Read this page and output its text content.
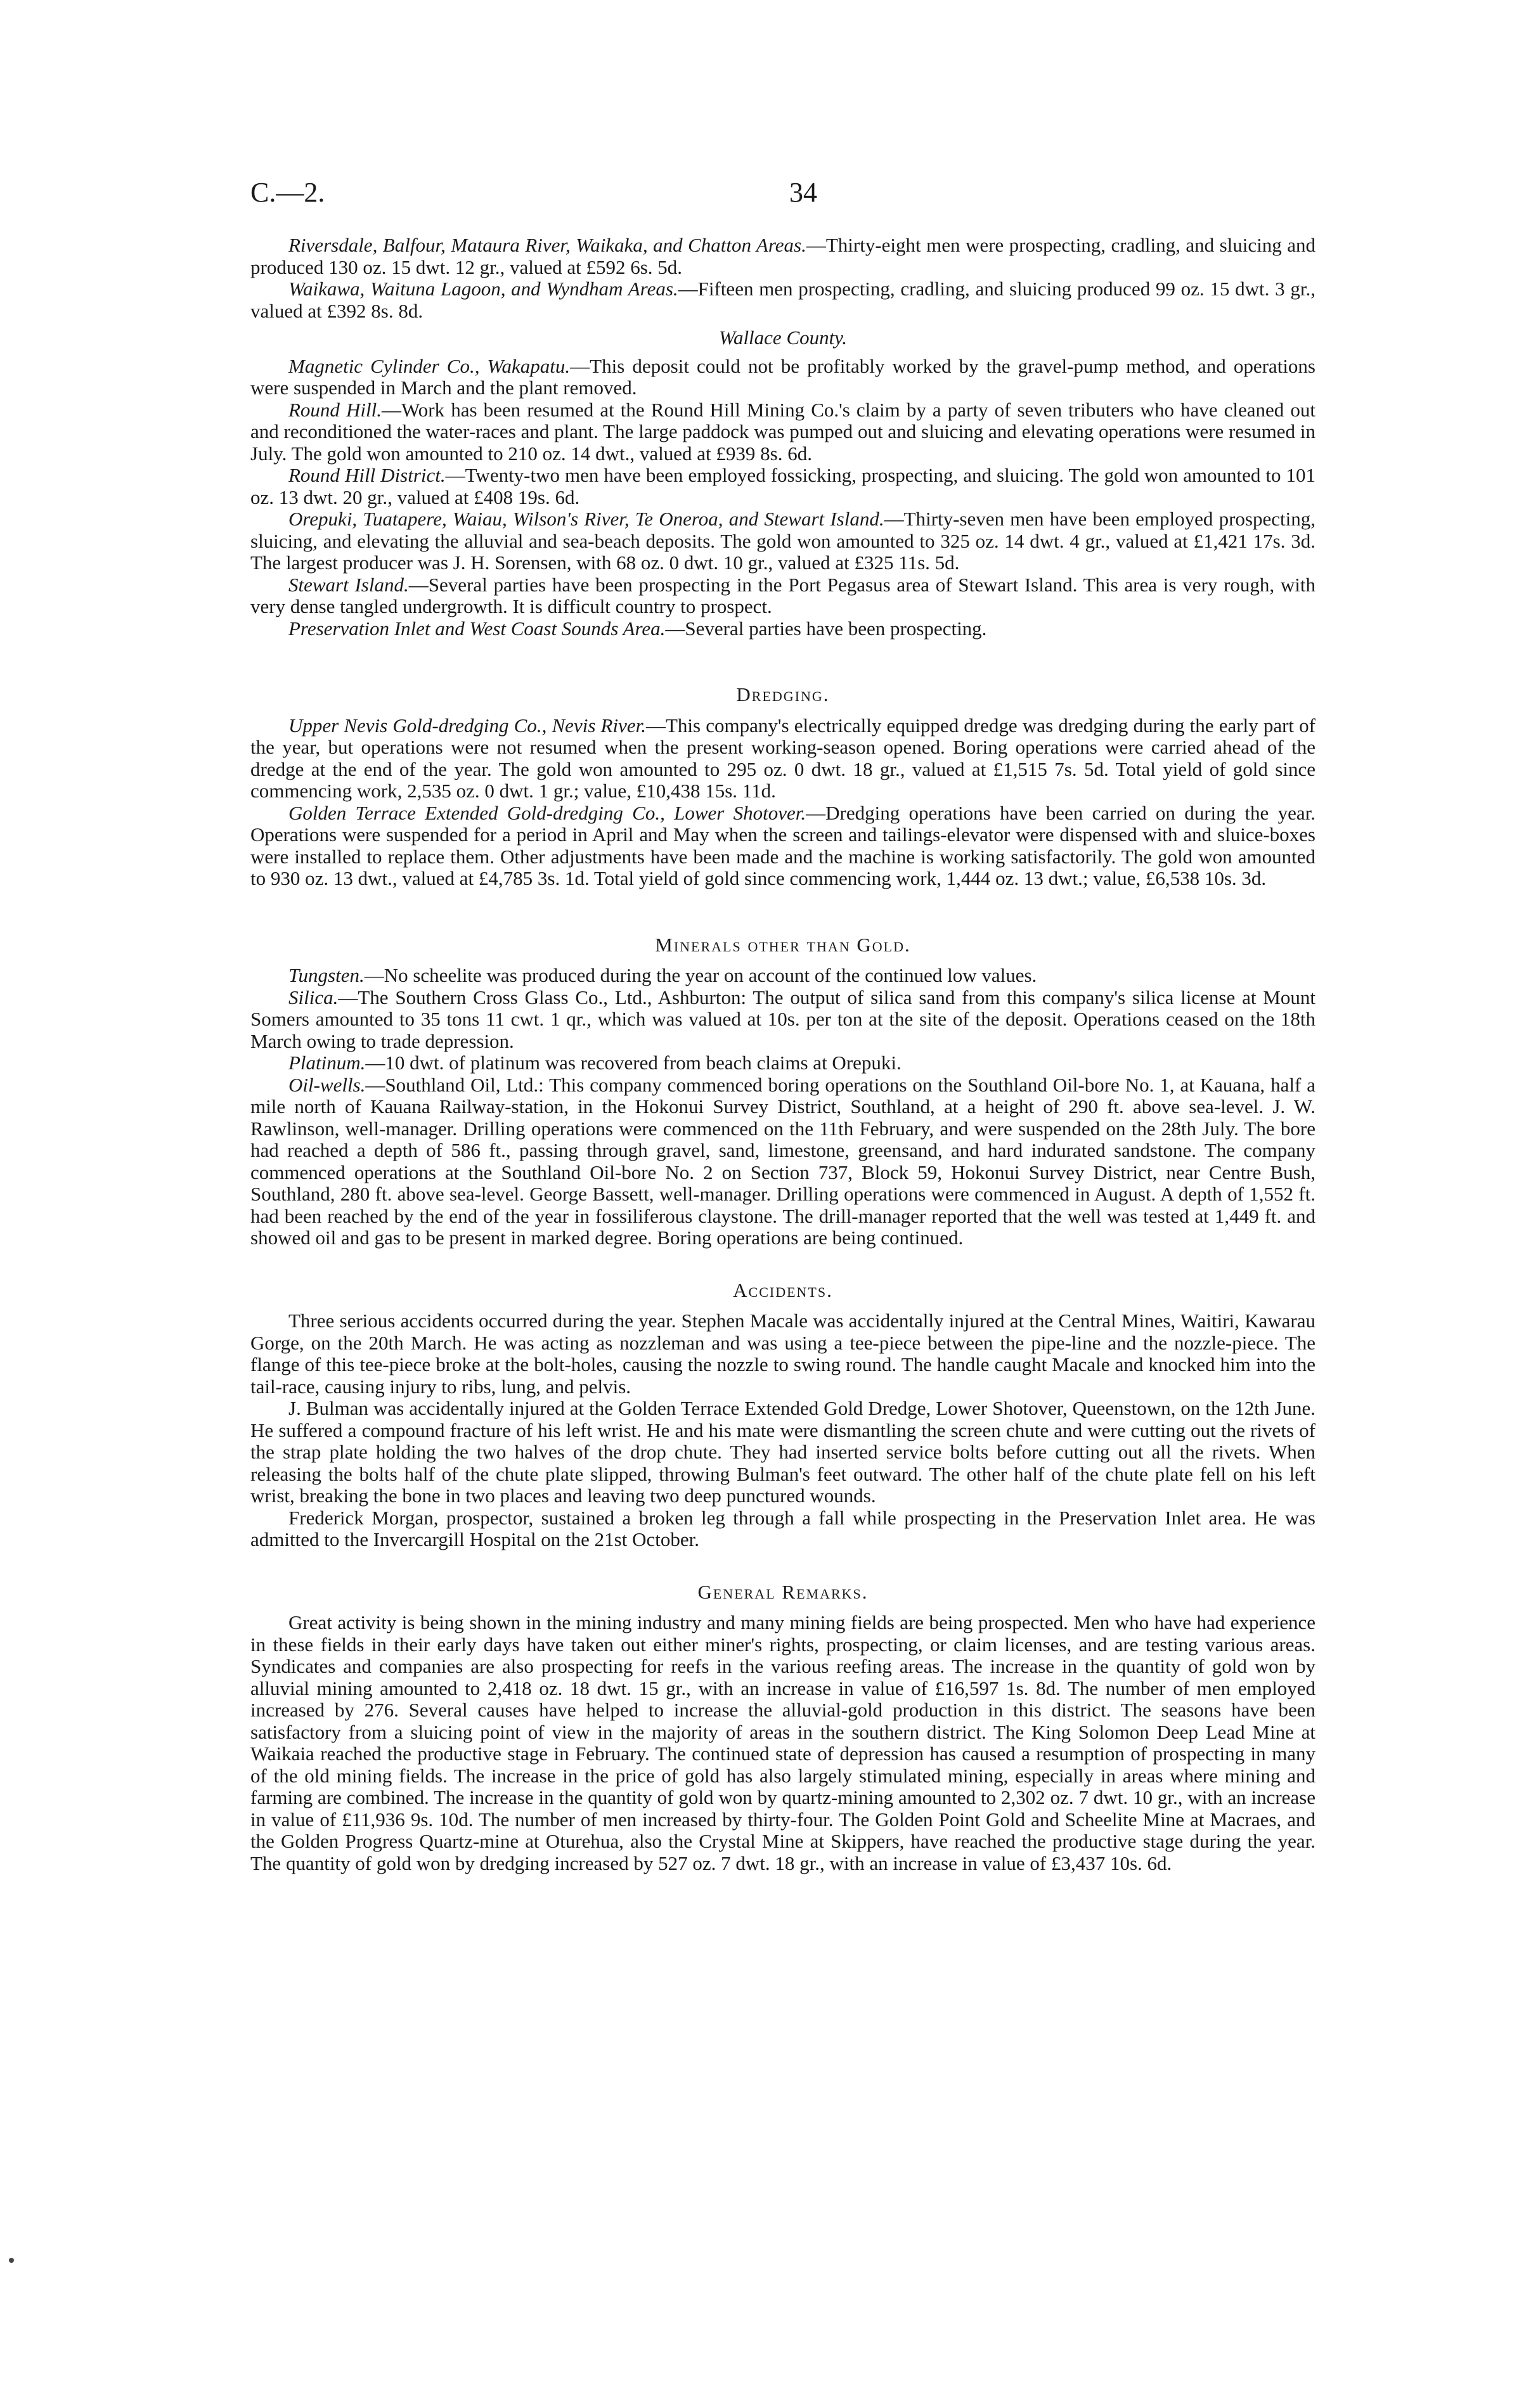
C.—2.	34

Riversdale, Balfour, Mataura River, Waikaka, and Chatton Areas.—Thirty-eight men were prospecting, cradling, and sluicing and produced 130 oz. 15 dwt. 12 gr., valued at £592 6s. 5d.

Waikawa, Waituna Lagoon, and Wyndham Areas.—Fifteen men prospecting, cradling, and sluicing produced 99 oz. 15 dwt. 3 gr., valued at £392 8s. 8d.

Wallace County.

Magnetic Cylinder Co., Wakapatu.—This deposit could not be profitably worked by the gravel-pump method, and operations were suspended in March and the plant removed.

Round Hill.—Work has been resumed at the Round Hill Mining Co.'s claim by a party of seven tributers who have cleaned out and reconditioned the water-races and plant. The large paddock was pumped out and sluicing and elevating operations were resumed in July. The gold won amounted to 210 oz. 14 dwt., valued at £939 8s. 6d.

Round Hill District.—Twenty-two men have been employed fossicking, prospecting, and sluicing. The gold won amounted to 101 oz. 13 dwt. 20 gr., valued at £408 19s. 6d.

Orepuki, Tuatapere, Waiau, Wilson's River, Te Oneroa, and Stewart Island.—Thirty-seven men have been employed prospecting, sluicing, and elevating the alluvial and sea-beach deposits. The gold won amounted to 325 oz. 14 dwt. 4 gr., valued at £1,421 17s. 3d. The largest producer was J. H. Sorensen, with 68 oz. 0 dwt. 10 gr., valued at £325 11s. 5d.

Stewart Island.—Several parties have been prospecting in the Port Pegasus area of Stewart Island. This area is very rough, with very dense tangled undergrowth. It is difficult country to prospect.

Preservation Inlet and West Coast Sounds Area.—Several parties have been prospecting.

Dredging.

Upper Nevis Gold-dredging Co., Nevis River.—This company's electrically equipped dredge was dredging during the early part of the year, but operations were not resumed when the present working-season opened. Boring operations were carried ahead of the dredge at the end of the year. The gold won amounted to 295 oz. 0 dwt. 18 gr., valued at £1,515 7s. 5d. Total yield of gold since commencing work, 2,535 oz. 0 dwt. 1 gr.; value, £10,438 15s. 11d.

Golden Terrace Extended Gold-dredging Co., Lower Shotover.—Dredging operations have been carried on during the year. Operations were suspended for a period in April and May when the screen and tailings-elevator were dispensed with and sluice-boxes were installed to replace them. Other adjustments have been made and the machine is working satisfactorily. The gold won amounted to 930 oz. 13 dwt., valued at £4,785 3s. 1d. Total yield of gold since commencing work, 1,444 oz. 13 dwt.; value, £6,538 10s. 3d.

Minerals other than Gold.

Tungsten.—No scheelite was produced during the year on account of the continued low values.

Silica.—The Southern Cross Glass Co., Ltd., Ashburton: The output of silica sand from this company's silica license at Mount Somers amounted to 35 tons 11 cwt. 1 qr., which was valued at 10s. per ton at the site of the deposit. Operations ceased on the 18th March owing to trade depression.

Platinum.—10 dwt. of platinum was recovered from beach claims at Orepuki.

Oil-wells.—Southland Oil, Ltd.: This company commenced boring operations on the Southland Oil-bore No. 1, at Kauana, half a mile north of Kauana Railway-station, in the Hokonui Survey District, Southland, at a height of 290 ft. above sea-level. J. W. Rawlinson, well-manager. Drilling operations were commenced on the 11th February, and were suspended on the 28th July. The bore had reached a depth of 586 ft., passing through gravel, sand, limestone, greensand, and hard indurated sandstone. The company commenced operations at the Southland Oil-bore No. 2 on Section 737, Block 59, Hokonui Survey District, near Centre Bush, Southland, 280 ft. above sea-level. George Bassett, well-manager. Drilling operations were commenced in August. A depth of 1,552 ft. had been reached by the end of the year in fossiliferous claystone. The drill-manager reported that the well was tested at 1,449 ft. and showed oil and gas to be present in marked degree. Boring operations are being continued.

Accidents.

Three serious accidents occurred during the year. Stephen Macale was accidentally injured at the Central Mines, Waitiri, Kawarau Gorge, on the 20th March. He was acting as nozzleman and was using a tee-piece between the pipe-line and the nozzle-piece. The flange of this tee-piece broke at the bolt-holes, causing the nozzle to swing round. The handle caught Macale and knocked him into the tail-race, causing injury to ribs, lung, and pelvis.

J. Bulman was accidentally injured at the Golden Terrace Extended Gold Dredge, Lower Shotover, Queenstown, on the 12th June. He suffered a compound fracture of his left wrist. He and his mate were dismantling the screen chute and were cutting out the rivets of the strap plate holding the two halves of the drop chute. They had inserted service bolts before cutting out all the rivets. When releasing the bolts half of the chute plate slipped, throwing Bulman's feet outward. The other half of the chute plate fell on his left wrist, breaking the bone in two places and leaving two deep punctured wounds.

Frederick Morgan, prospector, sustained a broken leg through a fall while prospecting in the Preservation Inlet area. He was admitted to the Invercargill Hospital on the 21st October.

General Remarks.

Great activity is being shown in the mining industry and many mining fields are being prospected. Men who have had experience in these fields in their early days have taken out either miner's rights, prospecting, or claim licenses, and are testing various areas. Syndicates and companies are also prospecting for reefs in the various reefing areas. The increase in the quantity of gold won by alluvial mining amounted to 2,418 oz. 18 dwt. 15 gr., with an increase in value of £16,597 1s. 8d. The number of men employed increased by 276. Several causes have helped to increase the alluvial-gold production in this district. The seasons have been satisfactory from a sluicing point of view in the majority of areas in the southern district. The King Solomon Deep Lead Mine at Waikaia reached the productive stage in February. The continued state of depression has caused a resumption of prospecting in many of the old mining fields. The increase in the price of gold has also largely stimulated mining, especially in areas where mining and farming are combined. The increase in the quantity of gold won by quartz-mining amounted to 2,302 oz. 7 dwt. 10 gr., with an increase in value of £11,936 9s. 10d. The number of men increased by thirty-four. The Golden Point Gold and Scheelite Mine at Macraes, and the Golden Progress Quartz-mine at Oturehua, also the Crystal Mine at Skippers, have reached the productive stage during the year. The quantity of gold won by dredging increased by 527 oz. 7 dwt. 18 gr., with an increase in value of £3,437 10s. 6d.
